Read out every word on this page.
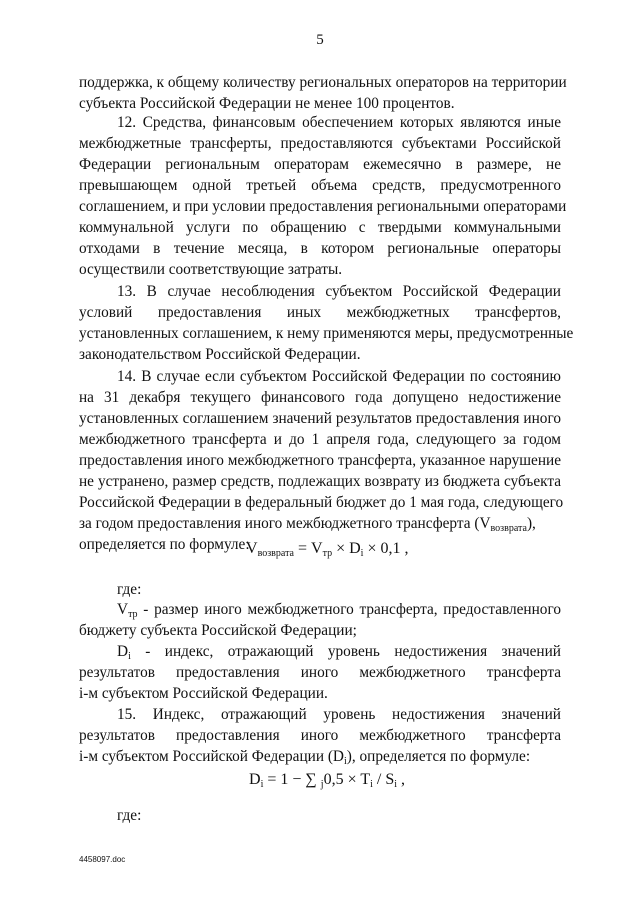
5
поддержка, к общему количеству региональных операторов на территории
субъекта Российской Федерации не менее 100 процентов.
12. Средства, финансовым обеспечением которых являются иные
межбюджетные трансферты, предоставляются субъектами Российской
Федерации региональным операторам ежемесячно в размере, не
превышающем одной третьей объема средств, предусмотренного
соглашением, и при условии предоставления региональными операторами
коммунальной услуги по обращению с твердыми коммунальными
отходами в течение месяца, в котором региональные операторы
осуществили соответствующие затраты.
13. В случае несоблюдения субъектом Российской Федерации
условий предоставления иных межбюджетных трансфертов,
установленных соглашением, к нему применяются меры, предусмотренные
законодательством Российской Федерации.
14. В случае если субъектом Российской Федерации по состоянию
на 31 декабря текущего финансового года допущено недостижение
установленных соглашением значений результатов предоставления иного
межбюджетного трансферта и до 1 апреля года, следующего за годом
предоставления иного межбюджетного трансферта, указанное нарушение
не устранено, размер средств, подлежащих возврату из бюджета субъекта
Российской Федерации в федеральный бюджет до 1 мая года, следующего
за годом предоставления иного межбюджетного трансферта $(V_{возврата})$,
определяется по формуле:
$V_{возврата} = V_{тр} \times D_i \times 0,1$ ,
где:
$V_{тр}$ - размер иного межбюджетного трансферта, предоставленного
бюджету субъекта Российской Федерации;
$D_i$ - индекс, отражающий уровень недостижения значений
результатов предоставления иного межбюджетного трансферта
i-м субъектом Российской Федерации.
15. Индекс, отражающий уровень недостижения значений
результатов предоставления иного межбюджетного трансферта
i-м субъектом Российской Федерации $(D_i)$, определяется по формуле:
$D_i = 1$ − ∑ $_j0,5 \times T_i / S_i$ ,
где:
4458097.doc
